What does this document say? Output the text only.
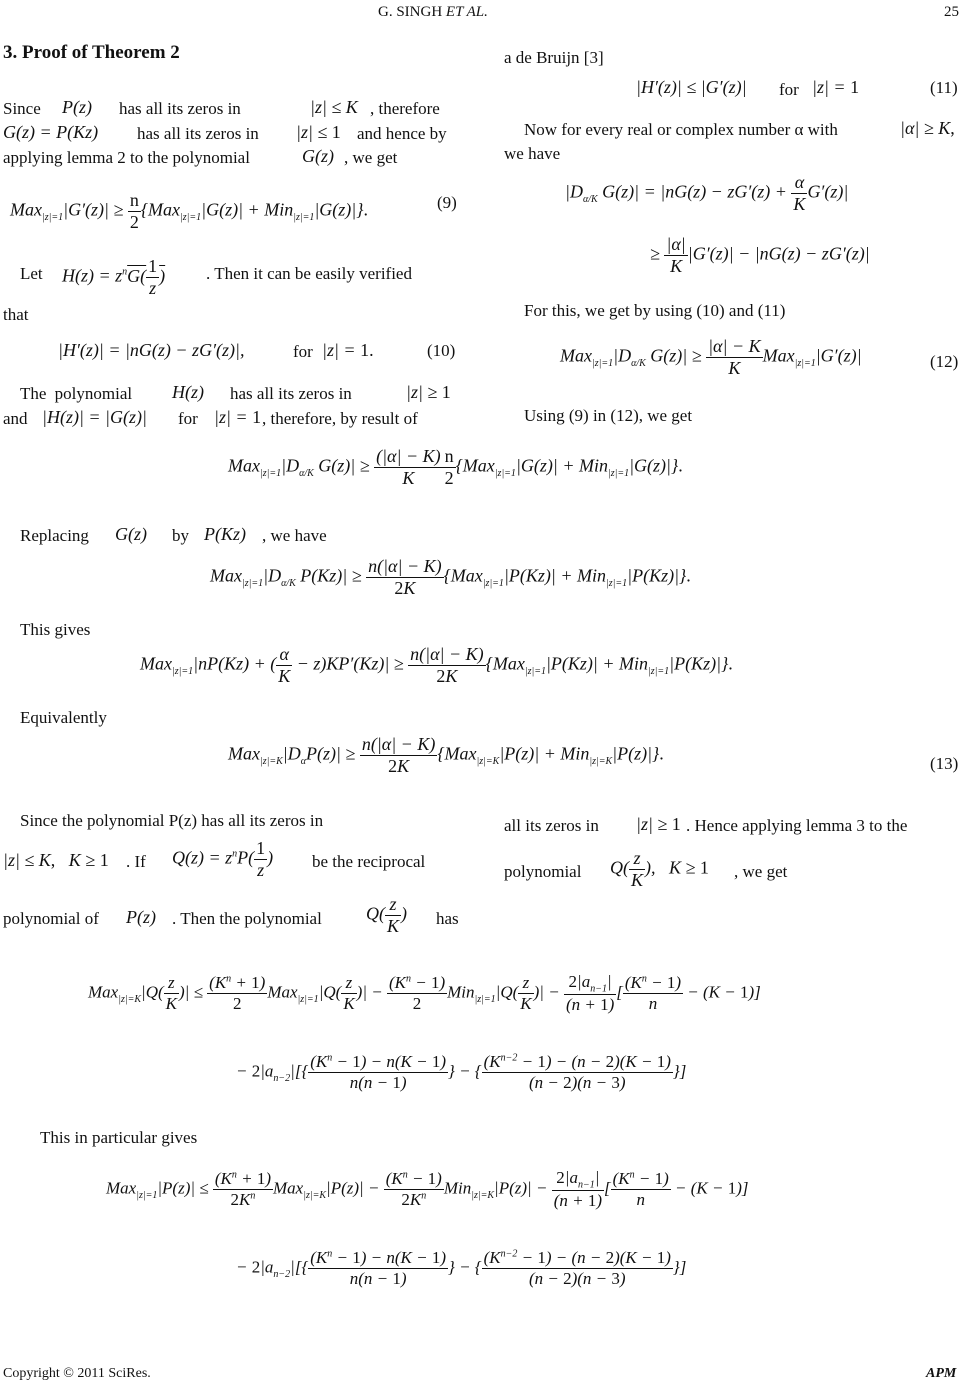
G. SINGH ET AL.	25
3. Proof of Theorem 2
Since P(z) has all its zeros in	|z| ≤ K , therefore
G(z) = P(Kz) has all its zeros in |z| ≤ 1 and hence by
applying lemma 2 to the polynomial	G(z) , we get
$Max_{|z|=1}|G'(z)| \ge \frac{n}{2} \{Max_{|z|=1}|G(z)| + Min_{|z|=1}|G(z)|\}$.	(9)
Let $H(z) = z^nG( \frac{1}{z}$ ) . Then it can be easily verified
that
|H′(z)| = |nG(z) − zG′(z)|,	for |z| = 1.	(10)
The polynomial H(z) has all its zeros in	|z| ≥ 1
and |H(z)| = |G(z)| for |z| = 1 , therefore, by result of
a de Bruijn [3]
|H′(z)| ≤ |G′(z)| for |z| = 1	(11)
Now for every real or complex number α with	|α| ≥ K,
we have
$|D_{\alpha/K}$ $G(z)| = |nG(z) - zG'(z) + \frac{\alpha}{K} G'(z)|$
≥ $\frac{|\alpha|}{K} |G'(z)| - |nG(z) - zG'(z)|$
For this, we get by using (10) and (11)
$Max_{|z|=1}|D_{\alpha/K}$ $G(z)| \ge \frac{|\alpha| - K}{K} Max_{|z|=1}|G'(z)|$	(12)
Using (9) in (12), we get
$Max_{|z|=1}|D_{\alpha/K}$ $G(z)| \ge \frac{(|\alpha| - K)}{K} \frac{n}{2} \{Max_{|z|=1}|G(z)| + Min_{|z|=1}|G(z)|\}$.
Replacing G(z) by P(Kz) , we have
$Max_{|z|=1}|D_{\alpha/K}$ $P(Kz)| \ge \frac{n(|\alpha| - K)}{2K} \{Max_{|z|=1}|P(Kz)| + Min_{|z|=1}|P(Kz)|\}$.
This gives
Max$_{|z|=1}$|nP(Kz) + ( $\frac{\alpha}{K} - z)KP'(Kz)| \ge \frac{n(|\alpha| - K)}{2K} \{Max_{|z|=1}|P(Kz)| + Min_{|z|=1}|P(Kz)|\}$.
Equivalently
$Max_{|z|=K}|D_\alpha P(z)| \ge \frac{n(|\alpha| - K)}{2K} \{Max_{|z|=K}|P(z)| + Min_{|z|=K}|P(z)|\}$.	(13)
Since the polynomial P(z) has all its zeros in
|z| ≤ K,   K ≥ 1 . If $Q(z) = z^nP( \frac{1}{z}$ ) be the reciprocal
polynomial of P(z) . Then the polynomial $Q( \frac{z}{K}$ ) has
all its zeros in |z| ≥ 1 . Hence applying lemma 3 to the
polynomial $Q( \frac{z}{K}$ ),   K ≥ 1 , we get
$Max_{|z|=K}|Q( \frac{z}{K}$ )| ≤ $\frac{(K^n + 1)}{2} Max_{|z|=1}|Q( \frac{z}{K}$ )| − $\frac{(K^n - 1)}{2} Min_{|z|=1}|Q( \frac{z}{K}$ )| − $\frac{2|a_{n-1}|}{(n + 1)}$ [ $\frac{(K^n - 1)}{n} - (K - 1)$]
− $2|a_{n-2}|[\{ \frac{(K^n - 1) - n(K - 1)}{n(n - 1)}$ } − { $\frac{(K^{n-2} - 1) - (n - 2)(K - 1)}{(n - 2)(n - 3)}$ }]
This in particular gives
$Max_{|z|=1}|P(z)| \le \frac{(K^n + 1)}{2K^n} Max_{|z|=K}|P(z)| - \frac{(K^n - 1)}{2K^n} Min_{|z|=K}|P(z)| - \frac{2|a_{n-1}|}{(n + 1)}$ [ $\frac{(K^n - 1)}{n} - (K - 1)$]
− $2|a_{n-2}|[\{ \frac{(K^n - 1) - n(K - 1)}{n(n - 1)}$ } − { $\frac{(K^{n-2} - 1) - (n - 2)(K - 1)}{(n - 2)(n - 3)}$ }]
Copyright © 2011 SciRes.	APM
